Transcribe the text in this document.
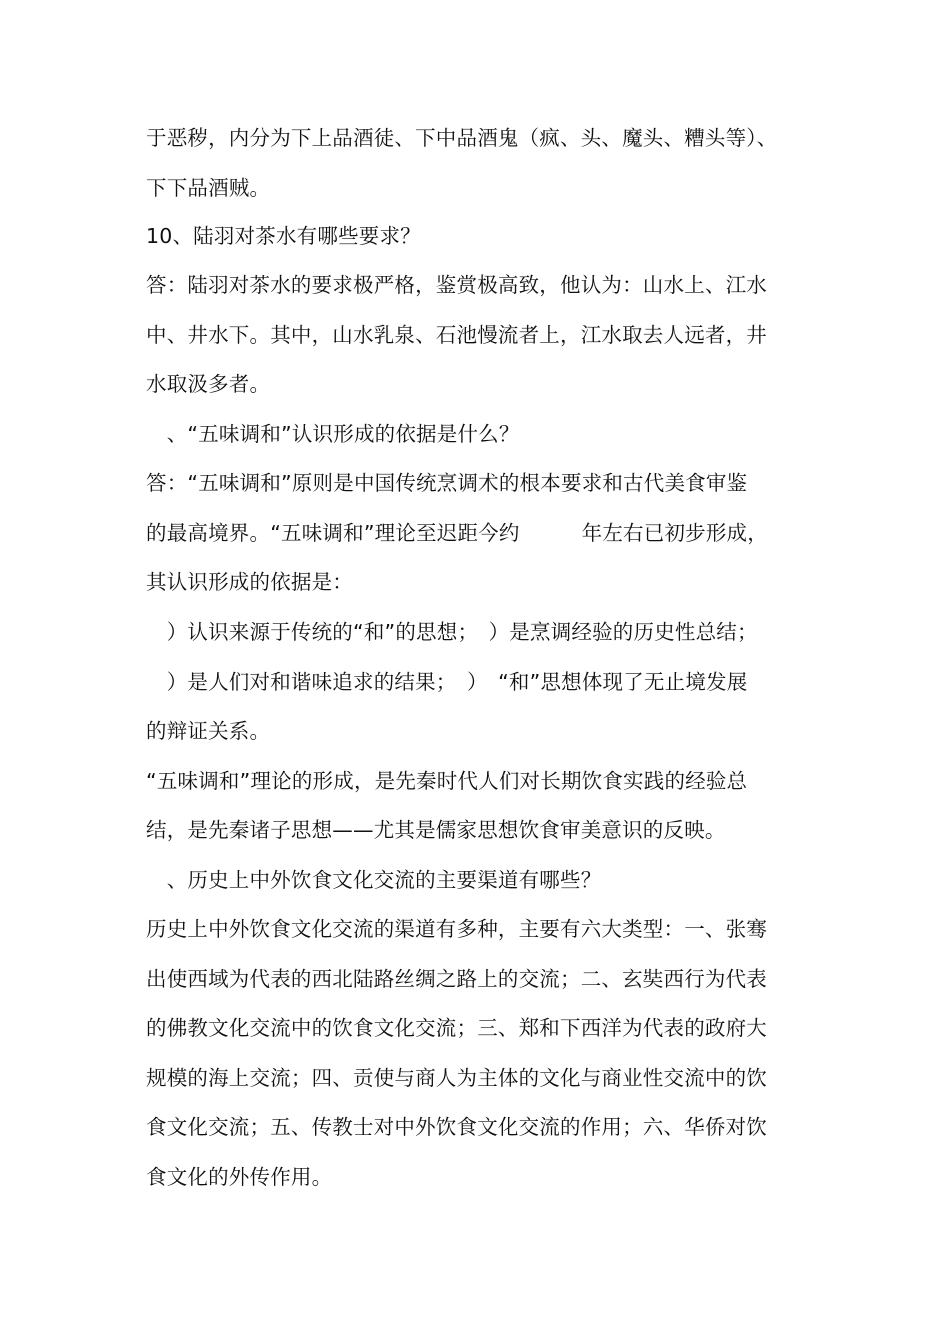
于恶秽，内分为下上品酒徒、下中品酒鬼（疯、头、魔头、糟头等）、
下下品酒贼。
10、陆羽对茶水有哪些要求？
答：陆羽对茶水的要求极严格，鉴赏极高致，他认为：山水上、江水
中、井水下。其中，山水乳泉、石池慢流者上，江水取去人远者，井
水取汲多者。
　、“五味调和”认识形成的依据是什么？
答：“五味调和”原则是中国传统烹调术的根本要求和古代美食审鉴
的最高境界。“五味调和”理论至迟距今约　　　年左右已初步形成，
其认识形成的依据是：
　）认识来源于传统的“和”的思想；　）是烹调经验的历史性总结；
　）是人们对和谐味追求的结果；　）　“和”思想体现了无止境发展
的辩证关系。
“五味调和”理论的形成，是先秦时代人们对长期饮食实践的经验总
结，是先秦诸子思想——尤其是儒家思想饮食审美意识的反映。
　、历史上中外饮食文化交流的主要渠道有哪些？
历史上中外饮食文化交流的渠道有多种，主要有六大类型：一、张骞
出使西域为代表的西北陆路丝绸之路上的交流；二、玄奘西行为代表
的佛教文化交流中的饮食文化交流；三、郑和下西洋为代表的政府大
规模的海上交流；四、贡使与商人为主体的文化与商业性交流中的饮
食文化交流；五、传教士对中外饮食文化交流的作用；六、华侨对饮
食文化的外传作用。
